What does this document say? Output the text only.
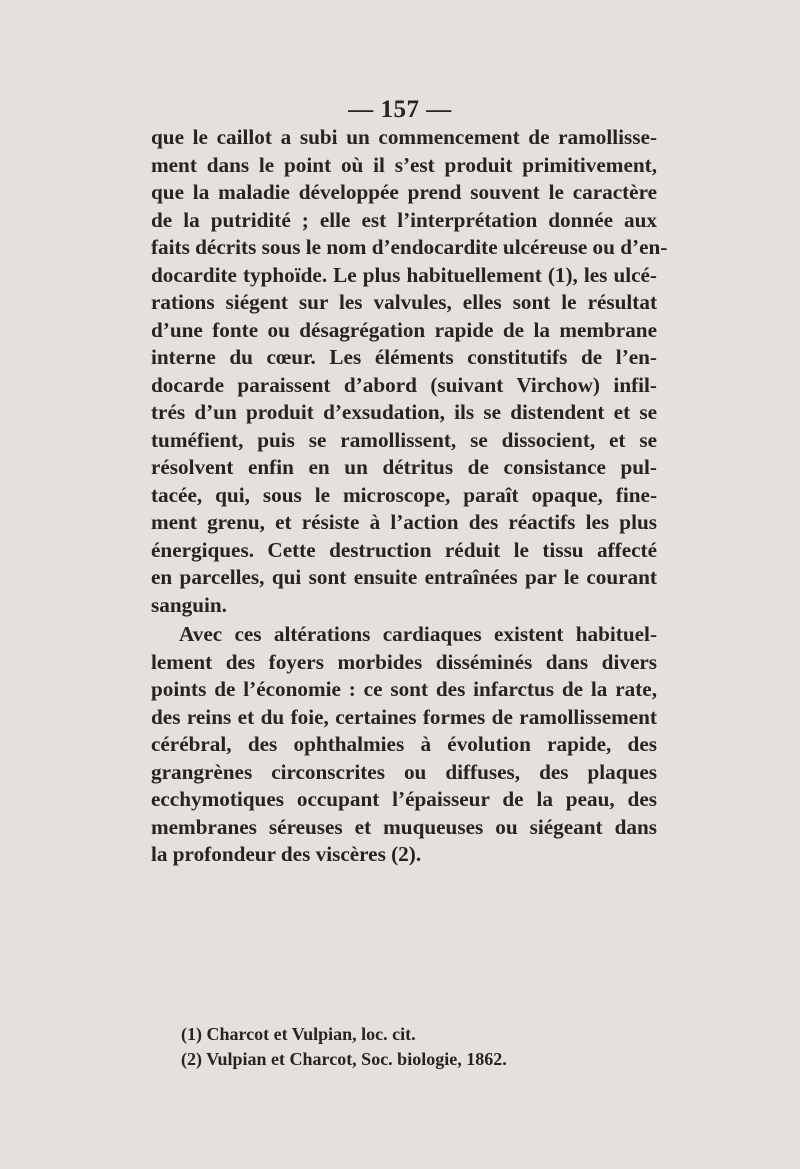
— 157 —
que le caillot a subi un commencement de ramollisse-
ment dans le point où il s’est produit primitivement,
que la maladie développée prend souvent le caractère
de la putridité ; elle est l’interprétation donnée aux
faits décrits sous le nom d’endocardite ulcéreuse ou d’en-
docardite typhoïde. Le plus habituellement (1), les ulcé-
rations siégent sur les valvules, elles sont le résultat
d’une fonte ou désagrégation rapide de la membrane
interne du cœur. Les éléments constitutifs de l’en-
docarde paraissent d’abord (suivant Virchow) infil-
trés d’un produit d’exsudation, ils se distendent et se
tuméfient, puis se ramollissent, se dissocient, et se
résolvent enfin en un détritus de consistance pul-
tacée, qui, sous le microscope, paraît opaque, fine-
ment grenu, et résiste à l’action des réactifs les plus
énergiques. Cette destruction réduit le tissu affecté
en parcelles, qui sont ensuite entraînées par le courant
sanguin.
Avec ces altérations cardiaques existent habituel-
lement des foyers morbides disséminés dans divers
points de l’économie : ce sont des infarctus de la rate,
des reins et du foie, certaines formes de ramollissement
cérébral, des ophthalmies à évolution rapide, des
grangrènes circonscrites ou diffuses, des plaques
ecchymotiques occupant l’épaisseur de la peau, des
membranes séreuses et muqueuses ou siégeant dans
la profondeur des viscères (2).
(1) Charcot et Vulpian, loc. cit.
(2) Vulpian et Charcot, Soc. biologie, 1862.
